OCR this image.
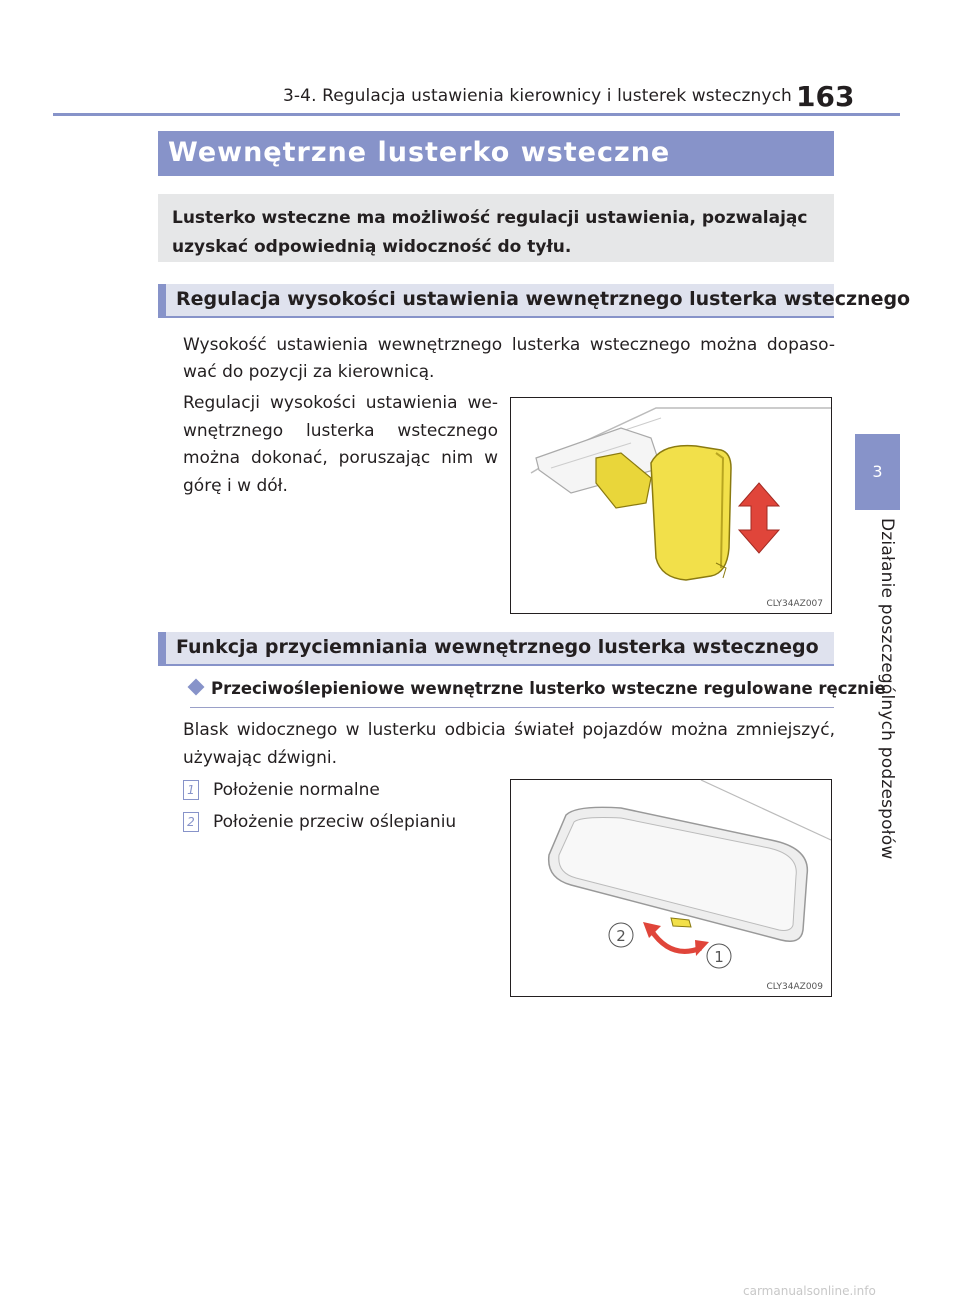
3-4. Regulacja ustawienia kierownicy i lusterek wstecznych 163
3
Działanie poszczególnych podzespołów
Wewnętrzne lusterko wsteczne
Lusterko wsteczne ma możliwość regulacji ustawienia, pozwalając uzyskać odpowiednią widoczność do tyłu.
Regulacja wysokości ustawienia wewnętrznego lusterka wstecznego
Wysokość ustawienia wewnętrznego lusterka wstecznego można dopaso-wać do pozycji za kierownicą.
Regulacji wysokości ustawienia we-wnętrznego lusterka wstecznego można dokonać, poruszając nim w górę i w dół.
CLY34AZ007
Funkcja przyciemniania wewnętrznego lusterka wstecznego
Przeciwoślepieniowe wewnętrzne lusterko wsteczne regulowane ręcznie
Blask widocznego w lusterku odbicia świateł pojazdów można zmniejszyć, używając dźwigni.
1 Położenie normalne
2 Położenie przeciw oślepianiu
2
1
CLY34AZ009
carmanualsonline.info
